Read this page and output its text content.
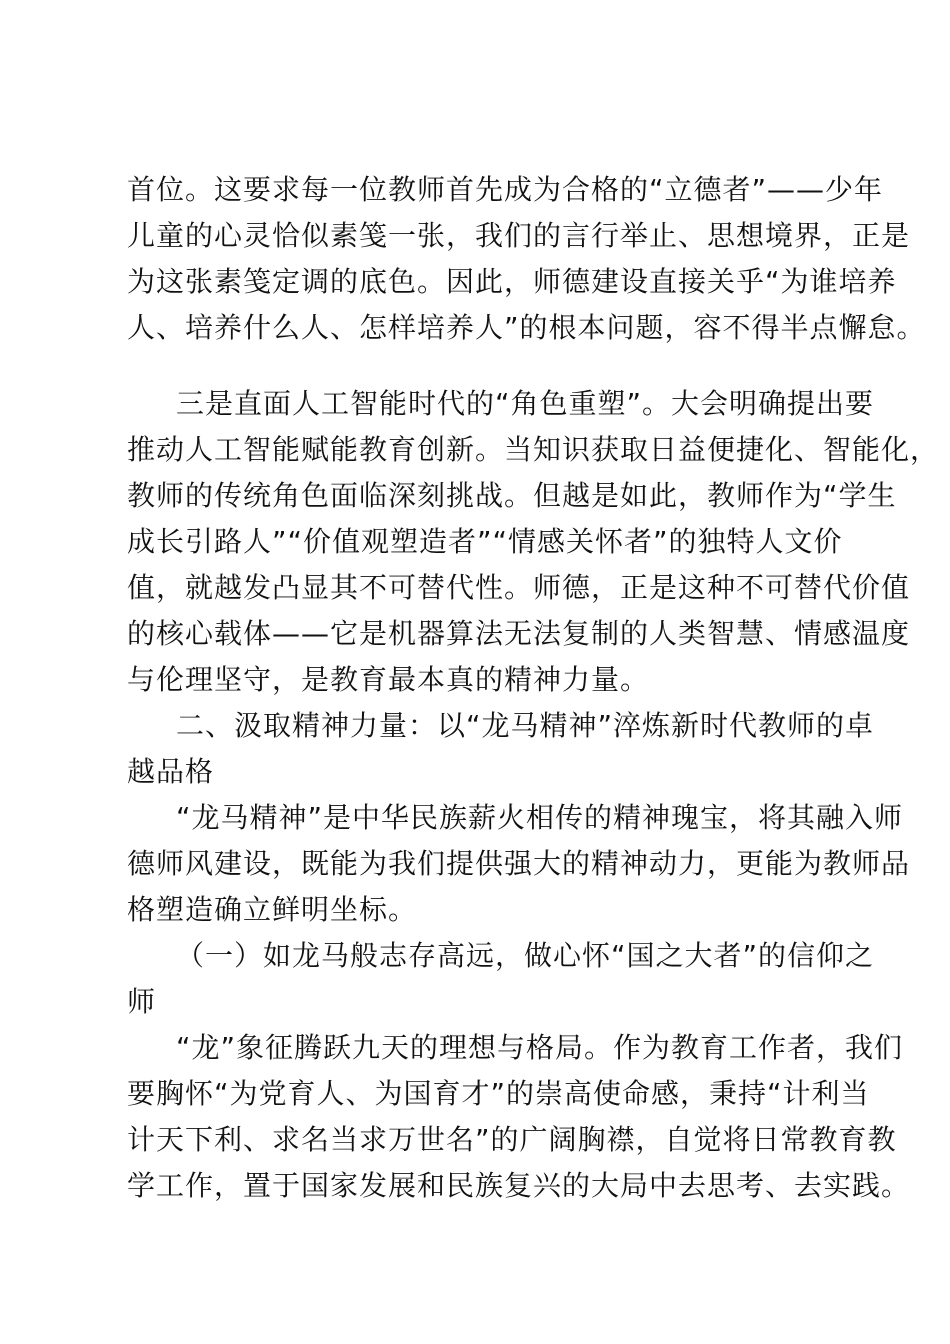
首位。这要求每一位教师首先成为合格的“立德者”——少年
儿童的心灵恰似素笺一张，我们的言行举止、思想境界，正是
为这张素笺定调的底色。因此，师德建设直接关乎“为谁培养
人、培养什么人、怎样培养人”的根本问题，容不得半点懈怠。
三是直面人工智能时代的“角色重塑”。大会明确提出要
推动人工智能赋能教育创新。当知识获取日益便捷化、智能化，
教师的传统角色面临深刻挑战。但越是如此，教师作为“学生
成长引路人”“价值观塑造者”“情感关怀者”的独特人文价
值，就越发凸显其不可替代性。师德，正是这种不可替代价值
的核心载体——它是机器算法无法复制的人类智慧、情感温度
与伦理坚守，是教育最本真的精神力量。
二、汲取精神力量：以“龙马精神”淬炼新时代教师的卓
越品格
“龙马精神”是中华民族薪火相传的精神瑰宝，将其融入师
德师风建设，既能为我们提供强大的精神动力，更能为教师品
格塑造确立鲜明坐标。
（一）如龙马般志存高远，做心怀“国之大者”的信仰之
师
“龙”象征腾跃九天的理想与格局。作为教育工作者，我们
要胸怀“为党育人、为国育才”的崇高使命感，秉持“计利当
计天下利、求名当求万世名”的广阔胸襟，自觉将日常教育教
学工作，置于国家发展和民族复兴的大局中去思考、去实践。
